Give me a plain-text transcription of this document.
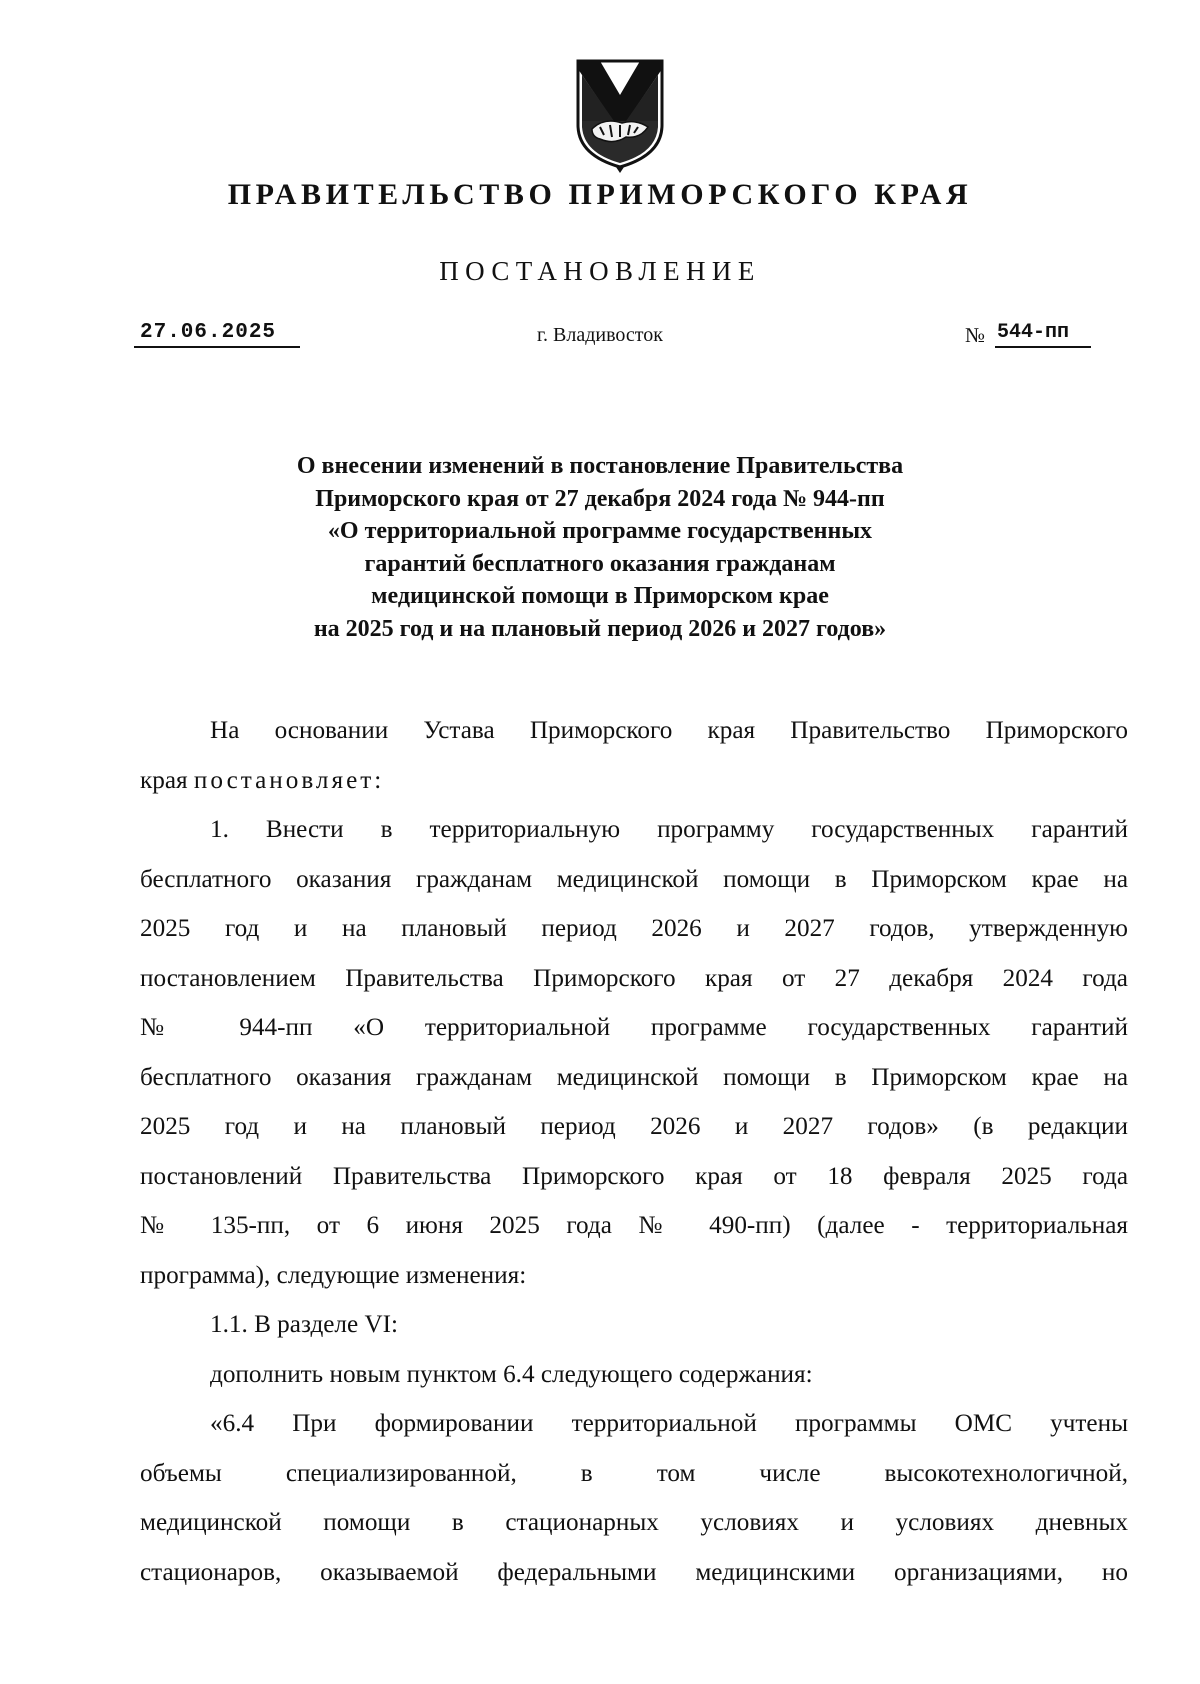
ПРАВИТЕЛЬСТВО ПРИМОРСКОГО КРАЯ
ПОСТАНОВЛЕНИЕ
27.06.2025	г. Владивосток	№ 544-пп
О внесении изменений в постановление Правительства
Приморского края от 27 декабря 2024 года № 944-пп
«О территориальной программе государственных
гарантий бесплатного оказания гражданам
медицинской помощи в Приморском крае
на 2025 год и на плановый период 2026 и 2027 годов»
На основании Устава Приморского края Правительство Приморского
края постановляет:
1. Внести в территориальную программу государственных гарантий
бесплатного оказания гражданам медицинской помощи в Приморском крае на
2025 год и на плановый период 2026 и 2027 годов, утвержденную
постановлением Правительства Приморского края от 27 декабря 2024 года
№ 944-пп «О территориальной программе государственных гарантий
бесплатного оказания гражданам медицинской помощи в Приморском крае на
2025 год и на плановый период 2026 и 2027 годов» (в редакции
постановлений Правительства Приморского края от 18 февраля 2025 года
№ 135-пп, от 6 июня 2025 года № 490-пп) (далее - территориальная
программа), следующие изменения:
1.1. В разделе VI:
дополнить новым пунктом 6.4 следующего содержания:
«6.4 При формировании территориальной программы ОМС учтены
объемы специализированной, в том числе высокотехнологичной,
медицинской помощи в стационарных условиях и условиях дневных
стационаров, оказываемой федеральными медицинскими организациями, но
